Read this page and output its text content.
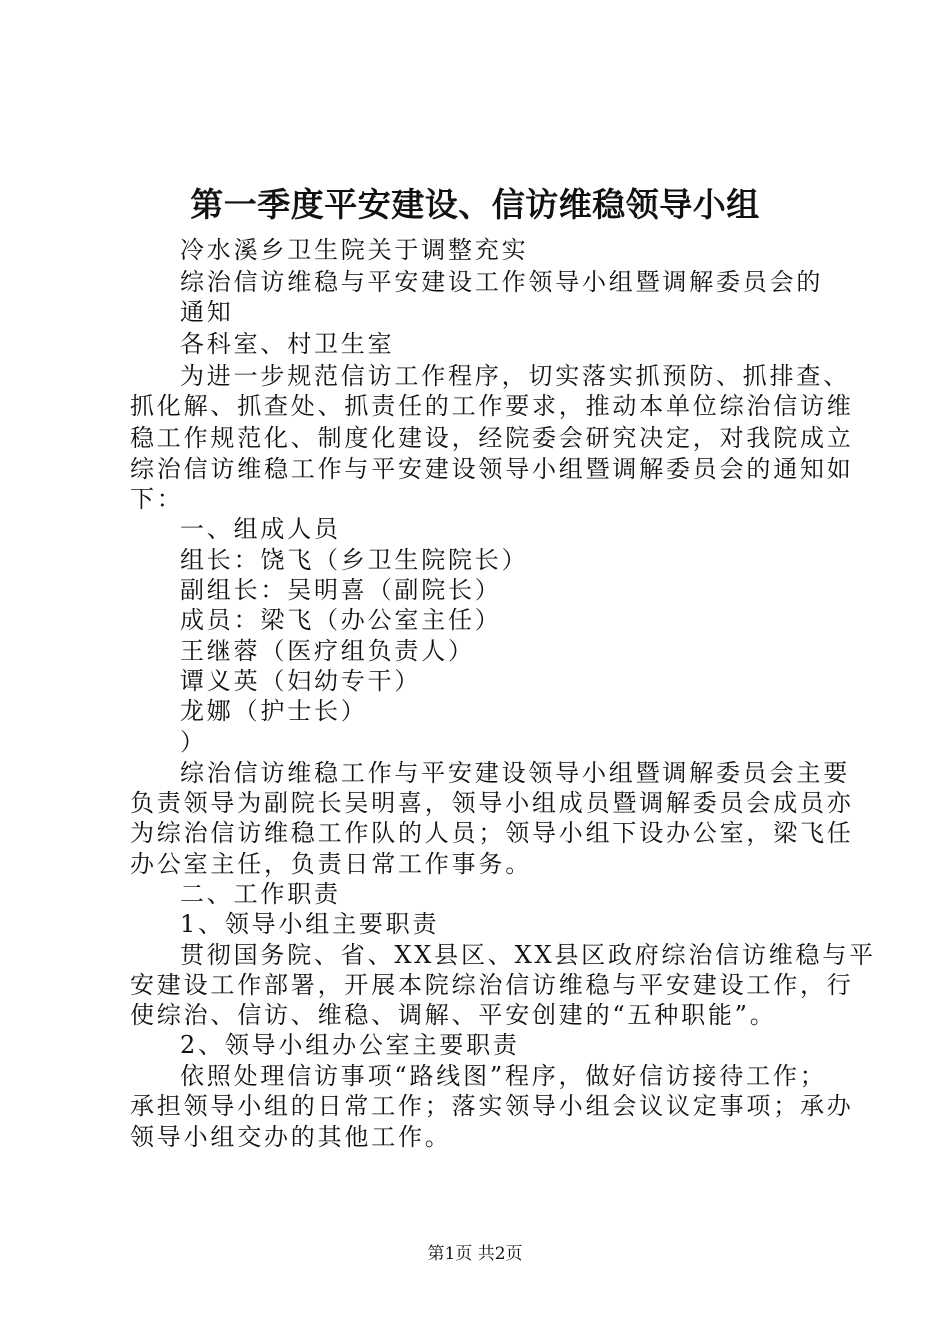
第一季度平安建设、信访维稳领导小组
冷水溪乡卫生院关于调整充实
综治信访维稳与平安建设工作领导小组暨调解委员会的
通知
各科室、村卫生室
为进一步规范信访工作程序，切实落实抓预防、抓排查、
抓化解、抓查处、抓责任的工作要求，推动本单位综治信访维
稳工作规范化、制度化建设，经院委会研究决定，对我院成立
综治信访维稳工作与平安建设领导小组暨调解委员会的通知如
下：
一、组成人员
组长：饶飞（乡卫生院院长）
副组长：吴明喜（副院长）
成员：梁飞（办公室主任）
王继蓉（医疗组负责人）
谭义英（妇幼专干）
龙娜（护士长）
）
综治信访维稳工作与平安建设领导小组暨调解委员会主要
负责领导为副院长吴明喜，领导小组成员暨调解委员会成员亦
为综治信访维稳工作队的人员；领导小组下设办公室，梁飞任
办公室主任，负责日常工作事务。
二、工作职责
1、领导小组主要职责
贯彻国务院、省、XX县区、XX县区政府综治信访维稳与平
安建设工作部署，开展本院综治信访维稳与平安建设工作，行
使综治、信访、维稳、调解、平安创建的“五种职能”。
2、领导小组办公室主要职责
依照处理信访事项“路线图”程序，做好信访接待工作；
承担领导小组的日常工作；落实领导小组会议议定事项；承办
领导小组交办的其他工作。
第1页 共2页
